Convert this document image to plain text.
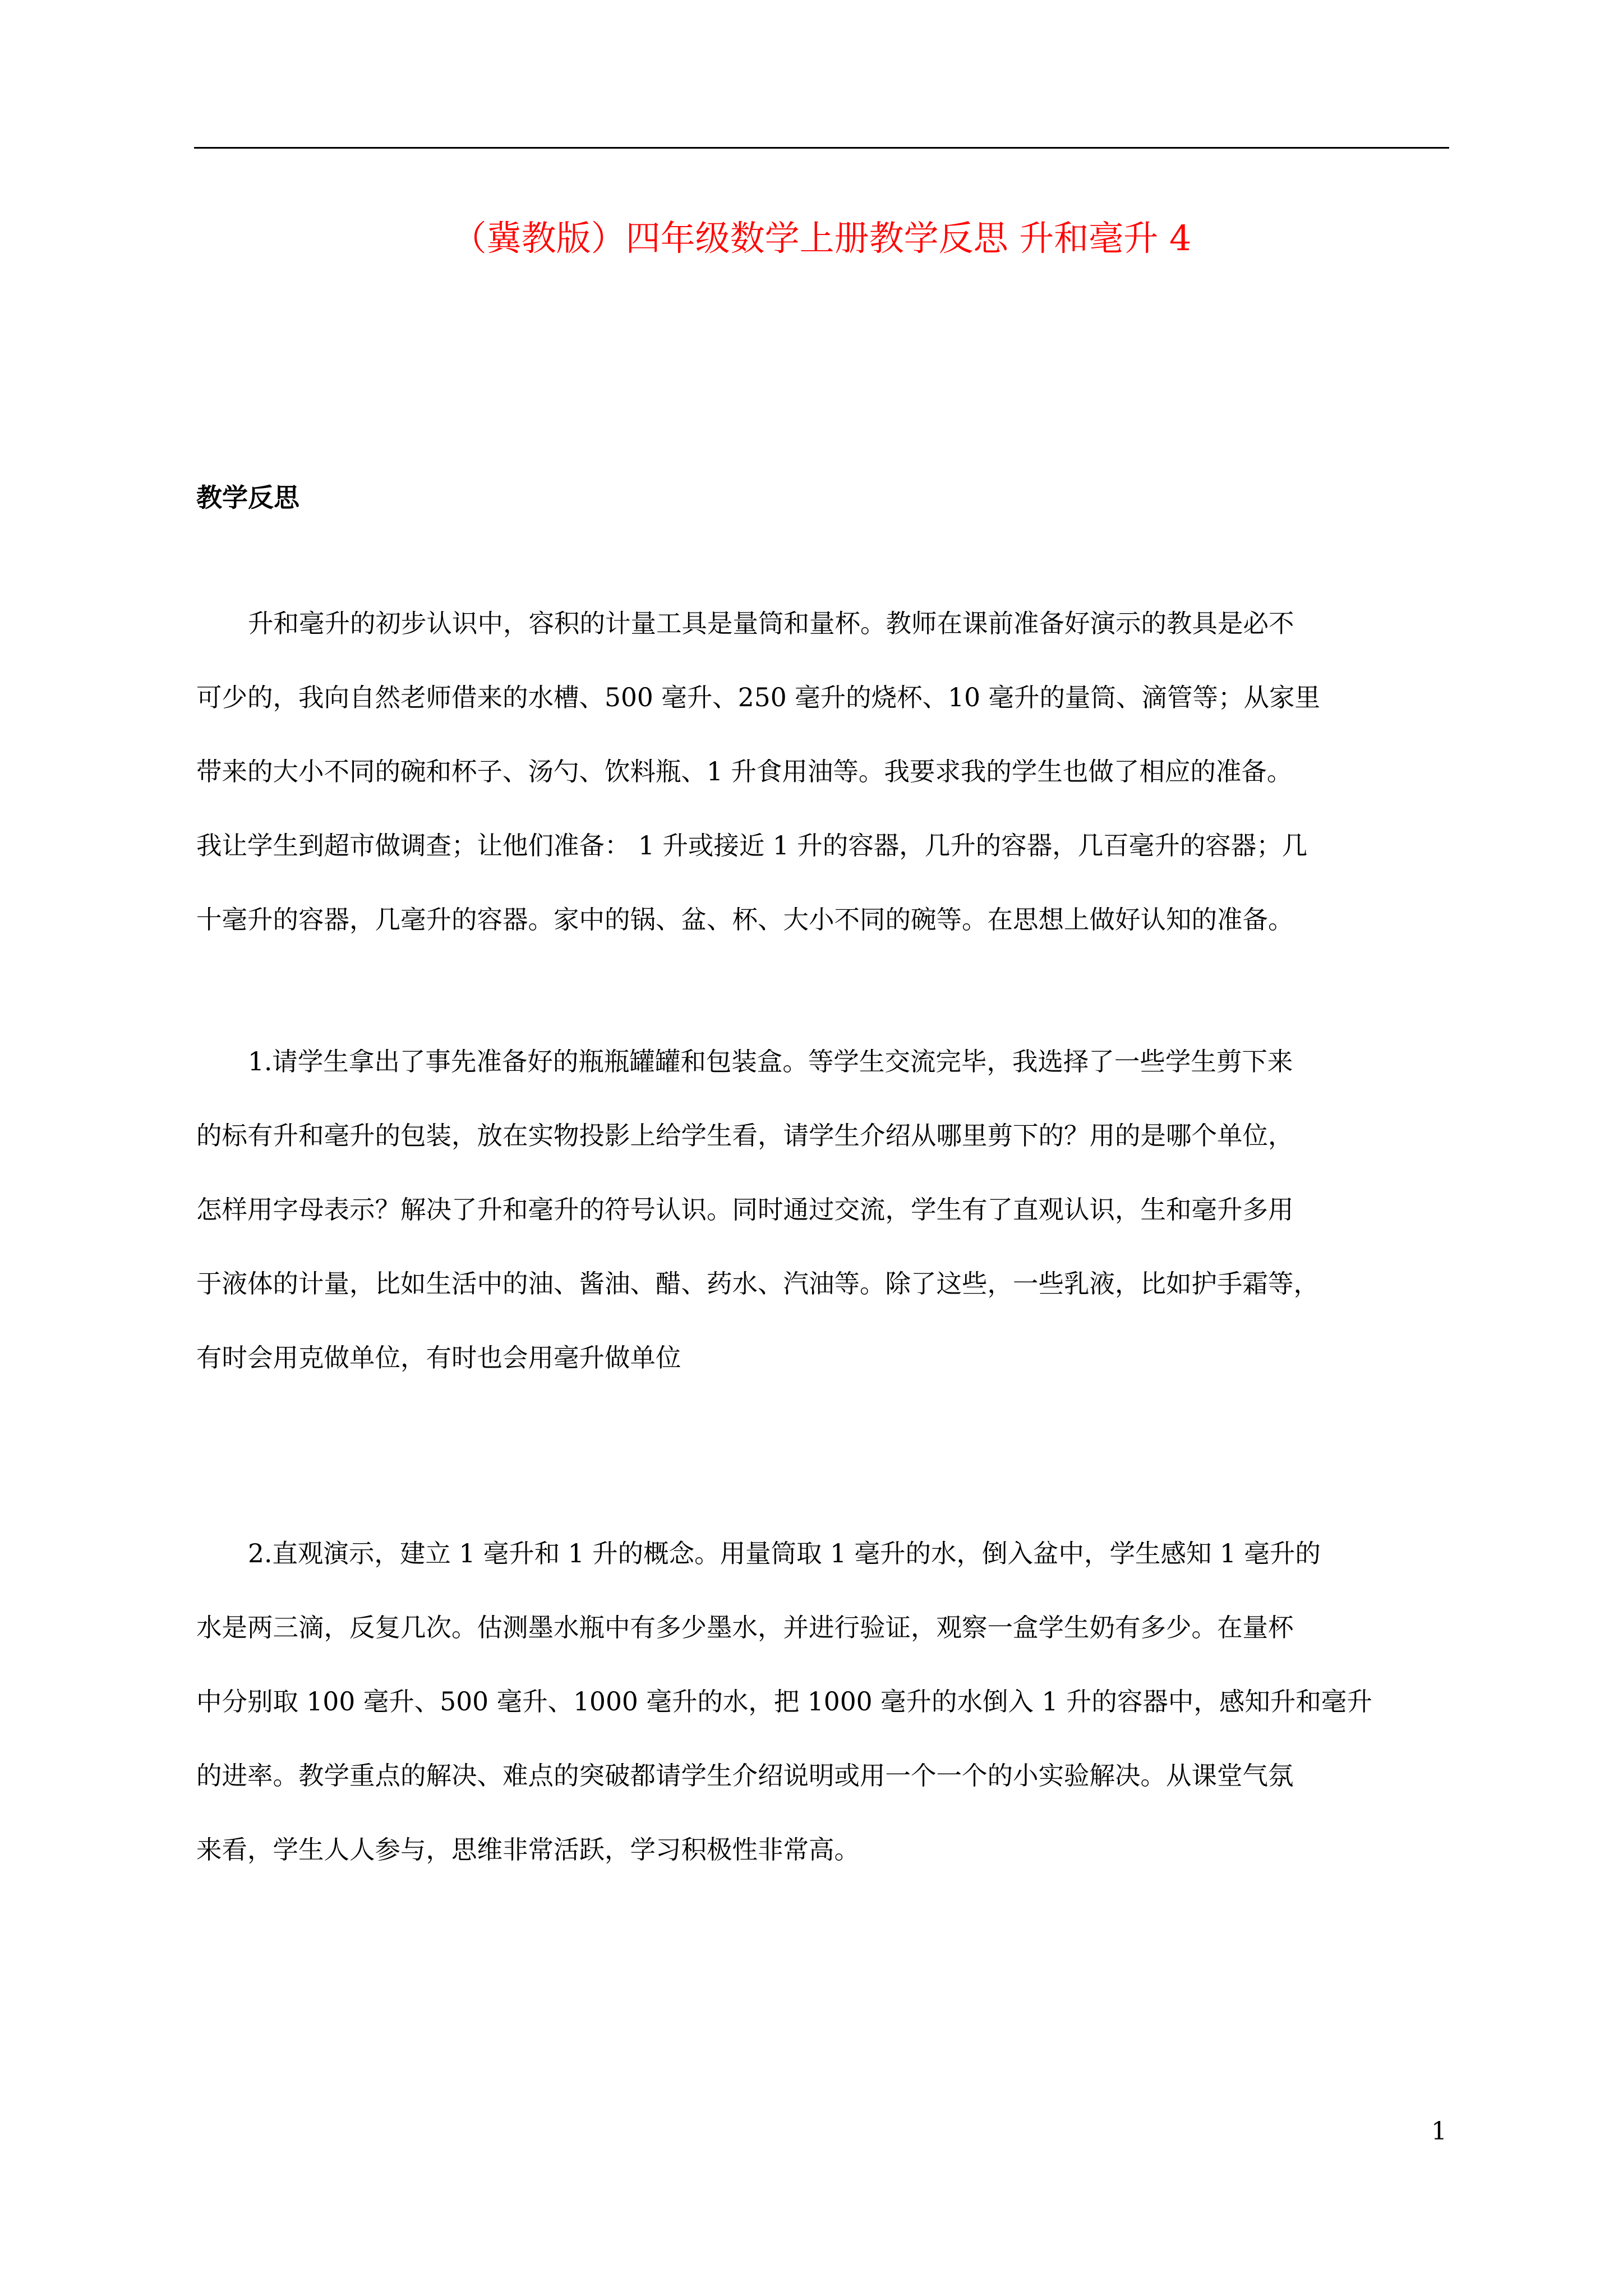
（冀教版）四年级数学上册教学反思 升和毫升 4
教学反思

升和毫升的初步认识中，容积的计量工具是量筒和量杯。教师在课前准备好演示的教具是必不
可少的，我向自然老师借来的水槽、500 毫升、250 毫升的烧杯、10 毫升的量筒、滴管等；从家里
带来的大小不同的碗和杯子、汤勺、饮料瓶、1 升食用油等。我要求我的学生也做了相应的准备。
我让学生到超市做调查；让他们准备： 1 升或接近 1 升的容器，几升的容器，几百毫升的容器；几
十毫升的容器，几毫升的容器。家中的锅、盆、杯、大小不同的碗等。在思想上做好认知的准备。

1.请学生拿出了事先准备好的瓶瓶罐罐和包装盒。等学生交流完毕，我选择了一些学生剪下来
的标有升和毫升的包装，放在实物投影上给学生看，请学生介绍从哪里剪下的？用的是哪个单位，
怎样用字母表示？解决了升和毫升的符号认识。同时通过交流，学生有了直观认识，生和毫升多用
于液体的计量，比如生活中的油、酱油、醋、药水、汽油等。除了这些，一些乳液，比如护手霜等，
有时会用克做单位，有时也会用毫升做单位

2.直观演示，建立 1 毫升和 1 升的概念。用量筒取 1 毫升的水，倒入盆中，学生感知 1 毫升的
水是两三滴，反复几次。估测墨水瓶中有多少墨水，并进行验证，观察一盒学生奶有多少。在量杯
中分别取 100 毫升、500 毫升、1000 毫升的水，把 1000 毫升的水倒入 1 升的容器中，感知升和毫升
的进率。教学重点的解决、难点的突破都请学生介绍说明或用一个一个的小实验解决。从课堂气氛
来看，学生人人参与，思维非常活跃，学习积极性非常高。

1
